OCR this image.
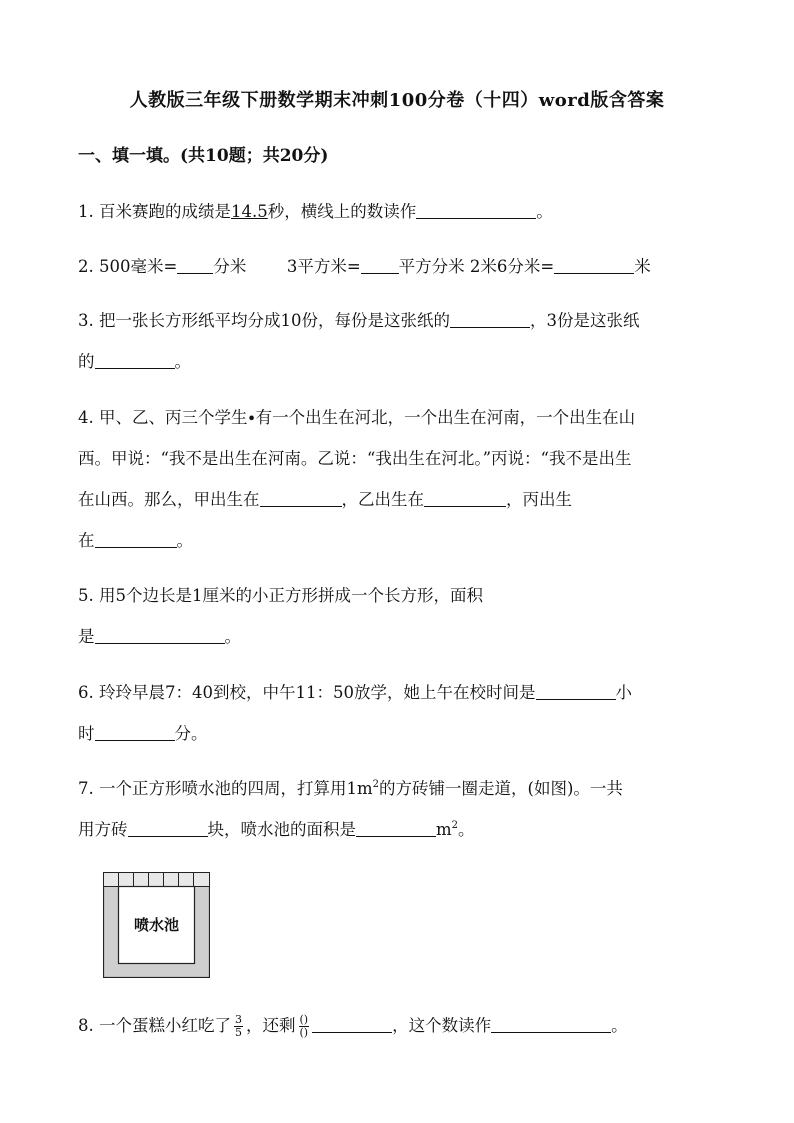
人教版三年级下册数学期末冲刺100分卷（十四）word版含答案
一、填一填。(共10题；共20分)
1. 百米赛跑的成绩是14.5秒，横线上的数读作	。
2. 500毫米= 分米 3平方米= 平方分米 2米6分米=	米
3. 把一张长方形纸平均分成10份，每份是这张纸的	，3份是这张纸
的	。
4. 甲、乙、丙三个学生∙有一个出生在河北，一个出生在河南，一个出生在山
西。甲说：“我不是出生在河南。乙说：“我出生在河北。”丙说：“我不是出生
在山西。那么，甲出生在	，乙出生在	，丙出生
在	。
5. 用5个边长是1厘米的小正方形拼成一个长方形，面积
是	。
6. 玲玲早晨7：40到校，中午11：50放学，她上午在校时间是	小
时	分。
7. 一个正方形喷水池的四周，打算用$1m^2$的方砖铺一圈走道，(如图)。一共
用方砖	块，喷水池的面积是	$m^2$。
喷水池
8. 一个蛋糕小红吃了 $\frac{3}{5}$ ，还剩 $\frac{()}{()}$	，这个数读作	。
